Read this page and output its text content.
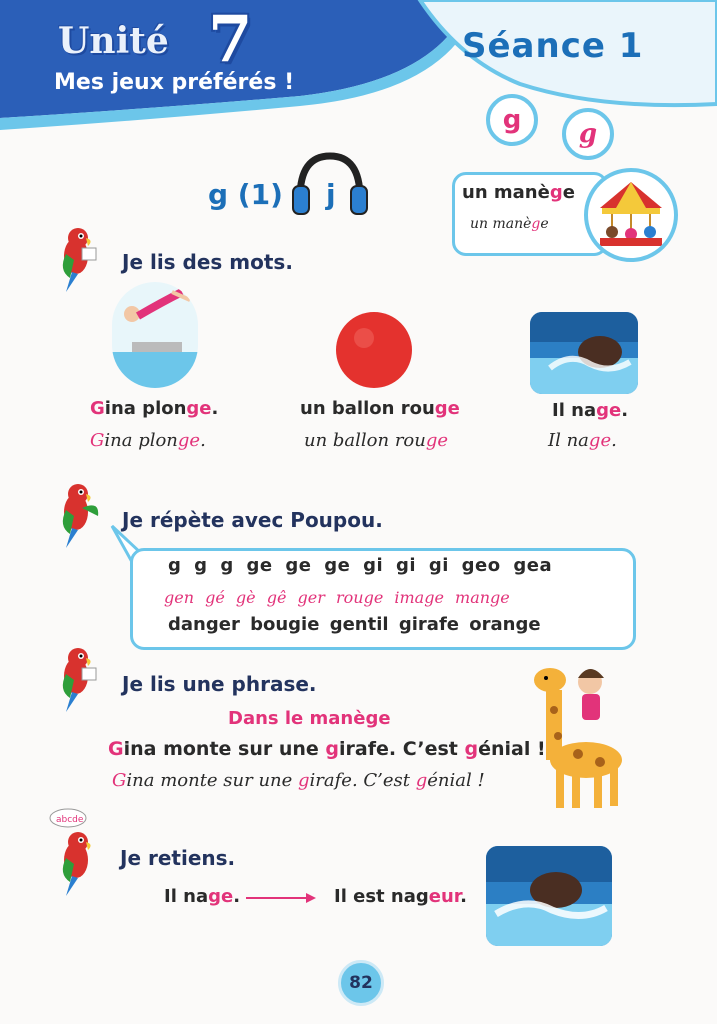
Unité 7
Mes jeux préférés !
Séance 1
g	g
g (1) j	un manège
un manège
Je lis des mots.
Gina plonge.
Gina plonge.
un ballon rouge
un ballon rouge
Il nage.
Il nage.
Je répète avec Poupou.
g g g ge ge ge gi gi gi geo gea
gen gé gè gê ger rouge image mange
danger bougie gentil girafe orange
Je lis une phrase.
Dans le manège
Gina monte sur une girafe. C’est génial !
Gina monte sur une girafe. C’est génial !
abcde
Je retiens.
Il nage.	Il est nageur.
82
